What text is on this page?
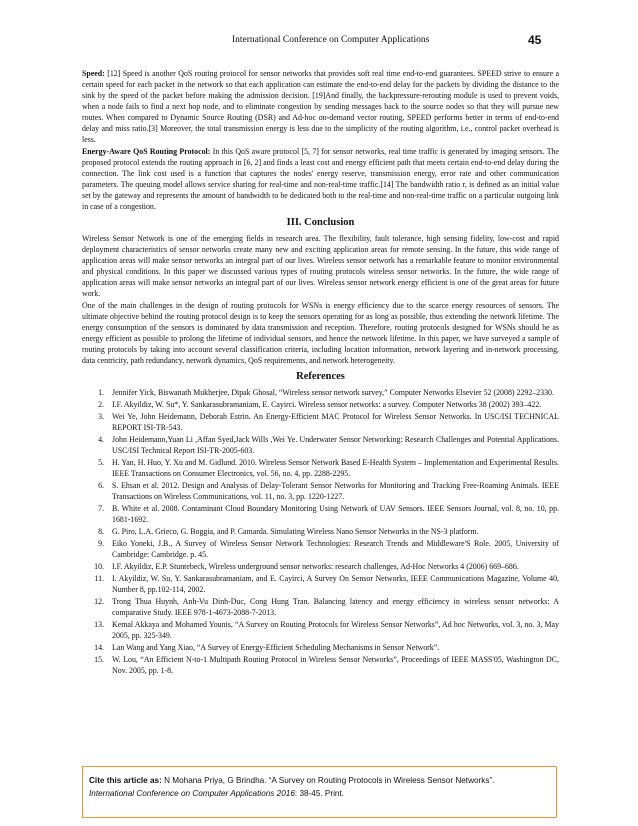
International Conference on Computer Applications	45

Speed: [12] Speed is another QoS routing protocol for sensor networks that provides soft real time end-to-end guarantees. SPEED strive to ensure a certain speed for each packet in the network so that each application can estimate the end-to-end delay for the packets by dividing the distance to the sink by the speed of the packet before making the admission decision. [19]And finally, the backpressure-rerouting module is used to prevent voids, when a node fails to find a next hop node, and to eliminate congestion by sending messages back to the source nodes so that they will pursue new routes. When compared to Dynamic Source Routing (DSR) and Ad-hoc on-demand vector routing, SPEED performs better in terms of end-to-end delay and miss ratio.[3] Moreover, the total transmission energy is less due to the simplicity of the routing algorithm, i.e., control packet overhead is less.

Energy-Aware QoS Routing Protocol: In this QoS aware protocol [5, 7] for sensor networks, real time traffic is generated by imaging sensors. The proposed protocol extends the routing approach in [6, 2] and finds a least cost and energy efficient path that meets certain end-to-end delay during the connection. The link cost used is a function that captures the nodes' energy reserve, transmission energy, error rate and other communication parameters. The queuing model allows service sharing for real-time and non-real-time traffic.[14] The bandwidth ratio r, is defined as an initial value set by the gateway and represents the amount of bandwidth to be dedicated both to the real-time and non-real-time traffic on a particular outgoing link in case of a congestion.

III. Conclusion

Wireless Sensor Network is one of the emerging fields in research area. The flexibility, fault tolerance, high sensing fidelity, low-cost and rapid deployment characteristics of sensor networks create many new and exciting application areas for remote sensing. In the future, this wide range of application areas will make sensor networks an integral part of our lives. Wireless sensor network has a remarkable feature to monitor environmental and physical conditions. In this paper we discussed various types of routing protocols wireless sensor networks. In the future, the wide range of application areas will make sensor networks an integral part of our lives. Wireless sensor network energy efficient is one of the great areas for future work.

One of the main challenges in the design of routing protocols for WSNs is energy efficiency due to the scarce energy resources of sensors. The ultimate objective behind the routing protocol design is to keep the sensors operating for as long as possible, thus extending the network lifetime. The energy consumption of the sensors is dominated by data transmission and reception. Therefore, routing protocols designed for WSNs should be as energy efficient as possible to prolong the lifetime of individual sensors, and hence the network lifetime. In this paper, we have surveyed a sample of routing protocols by taking into account several classification criteria, including location information, network layering and in-network processing, data centricity, path redundancy, network dynamics, QoS requirements, and network heterogeneity.

References
1.	Jennifer Yick, Biswanath Mukherjee, Dipak Ghosal, “Wireless sensor network survey,” Computer Networks Elsevier 52 (2008) 2292–2330.
2.	I.F. Akyildiz, W. Su*, Y. Sankarasubramaniam, E. Cayirci. Wireless sensor networks: a survey. Computer Networks 38 (2002) 393–422.
3.	Wei Ye, John Heidemann, Deborah Estrin. An Energy-Efficient MAC Protocol for Wireless Sensor Networks. In USC/ISI TECHNICAL REPORT ISI-TR-543.
4.	John Heidemann,Yuan Li ,Affan Syed,Jack Wills ,Wei Ye. Underwater Sensor Networking: Research Challenges and Potential Applications. USC/ISI Technical Report ISI-TR-2005-603.
5.	H. Yan, H. Huo, Y. Xu and M. Gidlund. 2010. Wireless Sensor Network Based E-Health System – Implementation and Experimental Results. IEEE Transactions on Consumer Electronics, vol. 56, no. 4, pp. 2288-2295.
6.	S. Ehsan et al. 2012. Design and Analysis of Delay-Tolerant Sensor Networks for Monitoring and Tracking Free-Roaming Animals. IEEE Transactions on Wireless Communications, vol. 11, no. 3, pp. 1220-1227.
7.	B. White et al. 2008. Contaminant Cloud Boundary Monitoring Using Network of UAV Sensors. IEEE Sensors Journal, vol. 8, no. 10, pp. 1681-1692.
8.	G. Piro, L.A. Grieco, G. Boggia, and P. Camarda. Simulating Wireless Nano Sensor Networks in the NS-3 platform.
9.	Eiko Yoneki, J.B., A Survey of Wireless Sensor Network Technologies: Research Trends and Middleware'S Role. 2005, University of Cambridge: Cambridge. p. 45.
10.	I.F. Akyildiz, E.P. Stuntebeck, Wireless underground sensor networks: research challenges, Ad-Hoc Networks 4 (2006) 669–686.
11.	I. Akyildiz, W. Su, Y. Sankarasubramaniam, and E. Cayirci, A Survey On Sensor Networks, IEEE Communications Magazine, Volume 40, Number 8, pp.102-114, 2002.
12.	Trong Thua Huynh, Anh-Vu Dinh-Duc, Cong Hung Tran. Balancing latency and energy efficiency in wireless sensor networks: A comparative Study. IEEE 978-1-4673-2088-7-2013.
13.	Kemal Akkaya and Mohamed Younis, “A Survey on Routing Protocols for Wireless Sensor Networks”, Ad hoc Networks, vol. 3, no. 3, May 2005, pp. 325-349.
14.	Lan Wang and Yang Xiao, “A Survey of Energy-Efficient Scheduling Mechanisms in Sensor Network”.
15.	W. Lou, “An Efficient N-to-1 Multipath Routing Protocol in Wireless Sensor Networks”, Proceedings of IEEE MASS'05, Washington DC, Nov. 2005, pp. 1-8.
Cite this article as: N Mohana Priya, G Brindha. “A Survey on Routing Protocols in Wireless Sensor Networks”.
International Conference on Computer Applications 2016: 38-45. Print.
